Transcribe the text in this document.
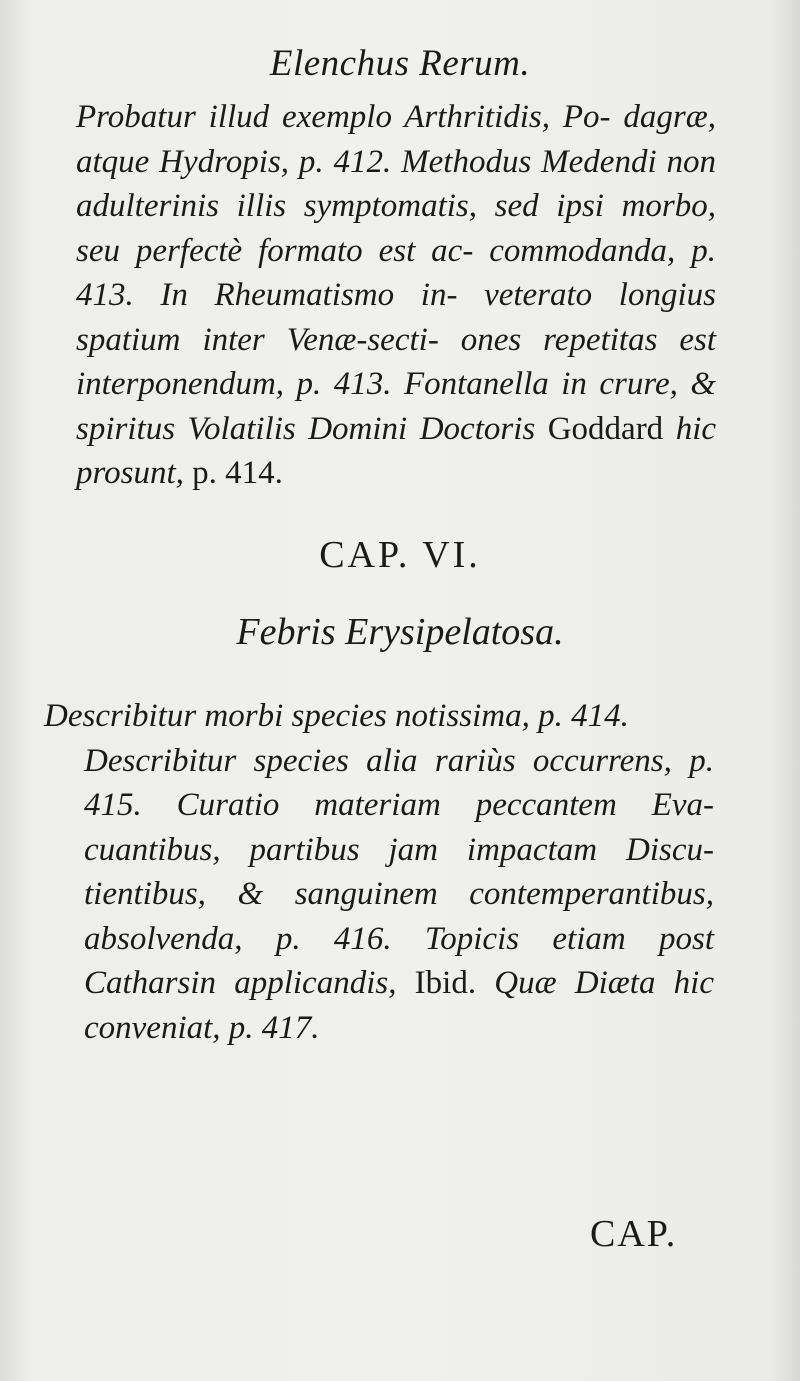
Elenchus Rerum.
Probatur illud exemplo Arthritidis, Po- dagræ, atque Hydropis, p. 412. Methodus Medendi non adulterinis illis symptomatis, sed ipsi morbo, seu perfectè formato est ac- commodanda, p. 413. In Rheumatismo in- veterato longius spatium inter Venæ-secti- ones repetitas est interponendum, p. 413. Fontanella in crure, & spiritus Volatilis Domini Doctoris Goddard hic prosunt, p. 414.
CAP. VI.
Febris Erysipelatosa.
Describitur morbi species notissima, p. 414.
Describitur species alia rariùs occurrens, p. 415. Curatio materiam peccantem Eva- cuantibus, partibus jam impactam Discu- tientibus, & sanguinem contemperantibus, absolvenda, p. 416. Topicis etiam post Catharsin applicandis, Ibid. Quæ Diæta hic conveniat, p. 417.
CAP.
